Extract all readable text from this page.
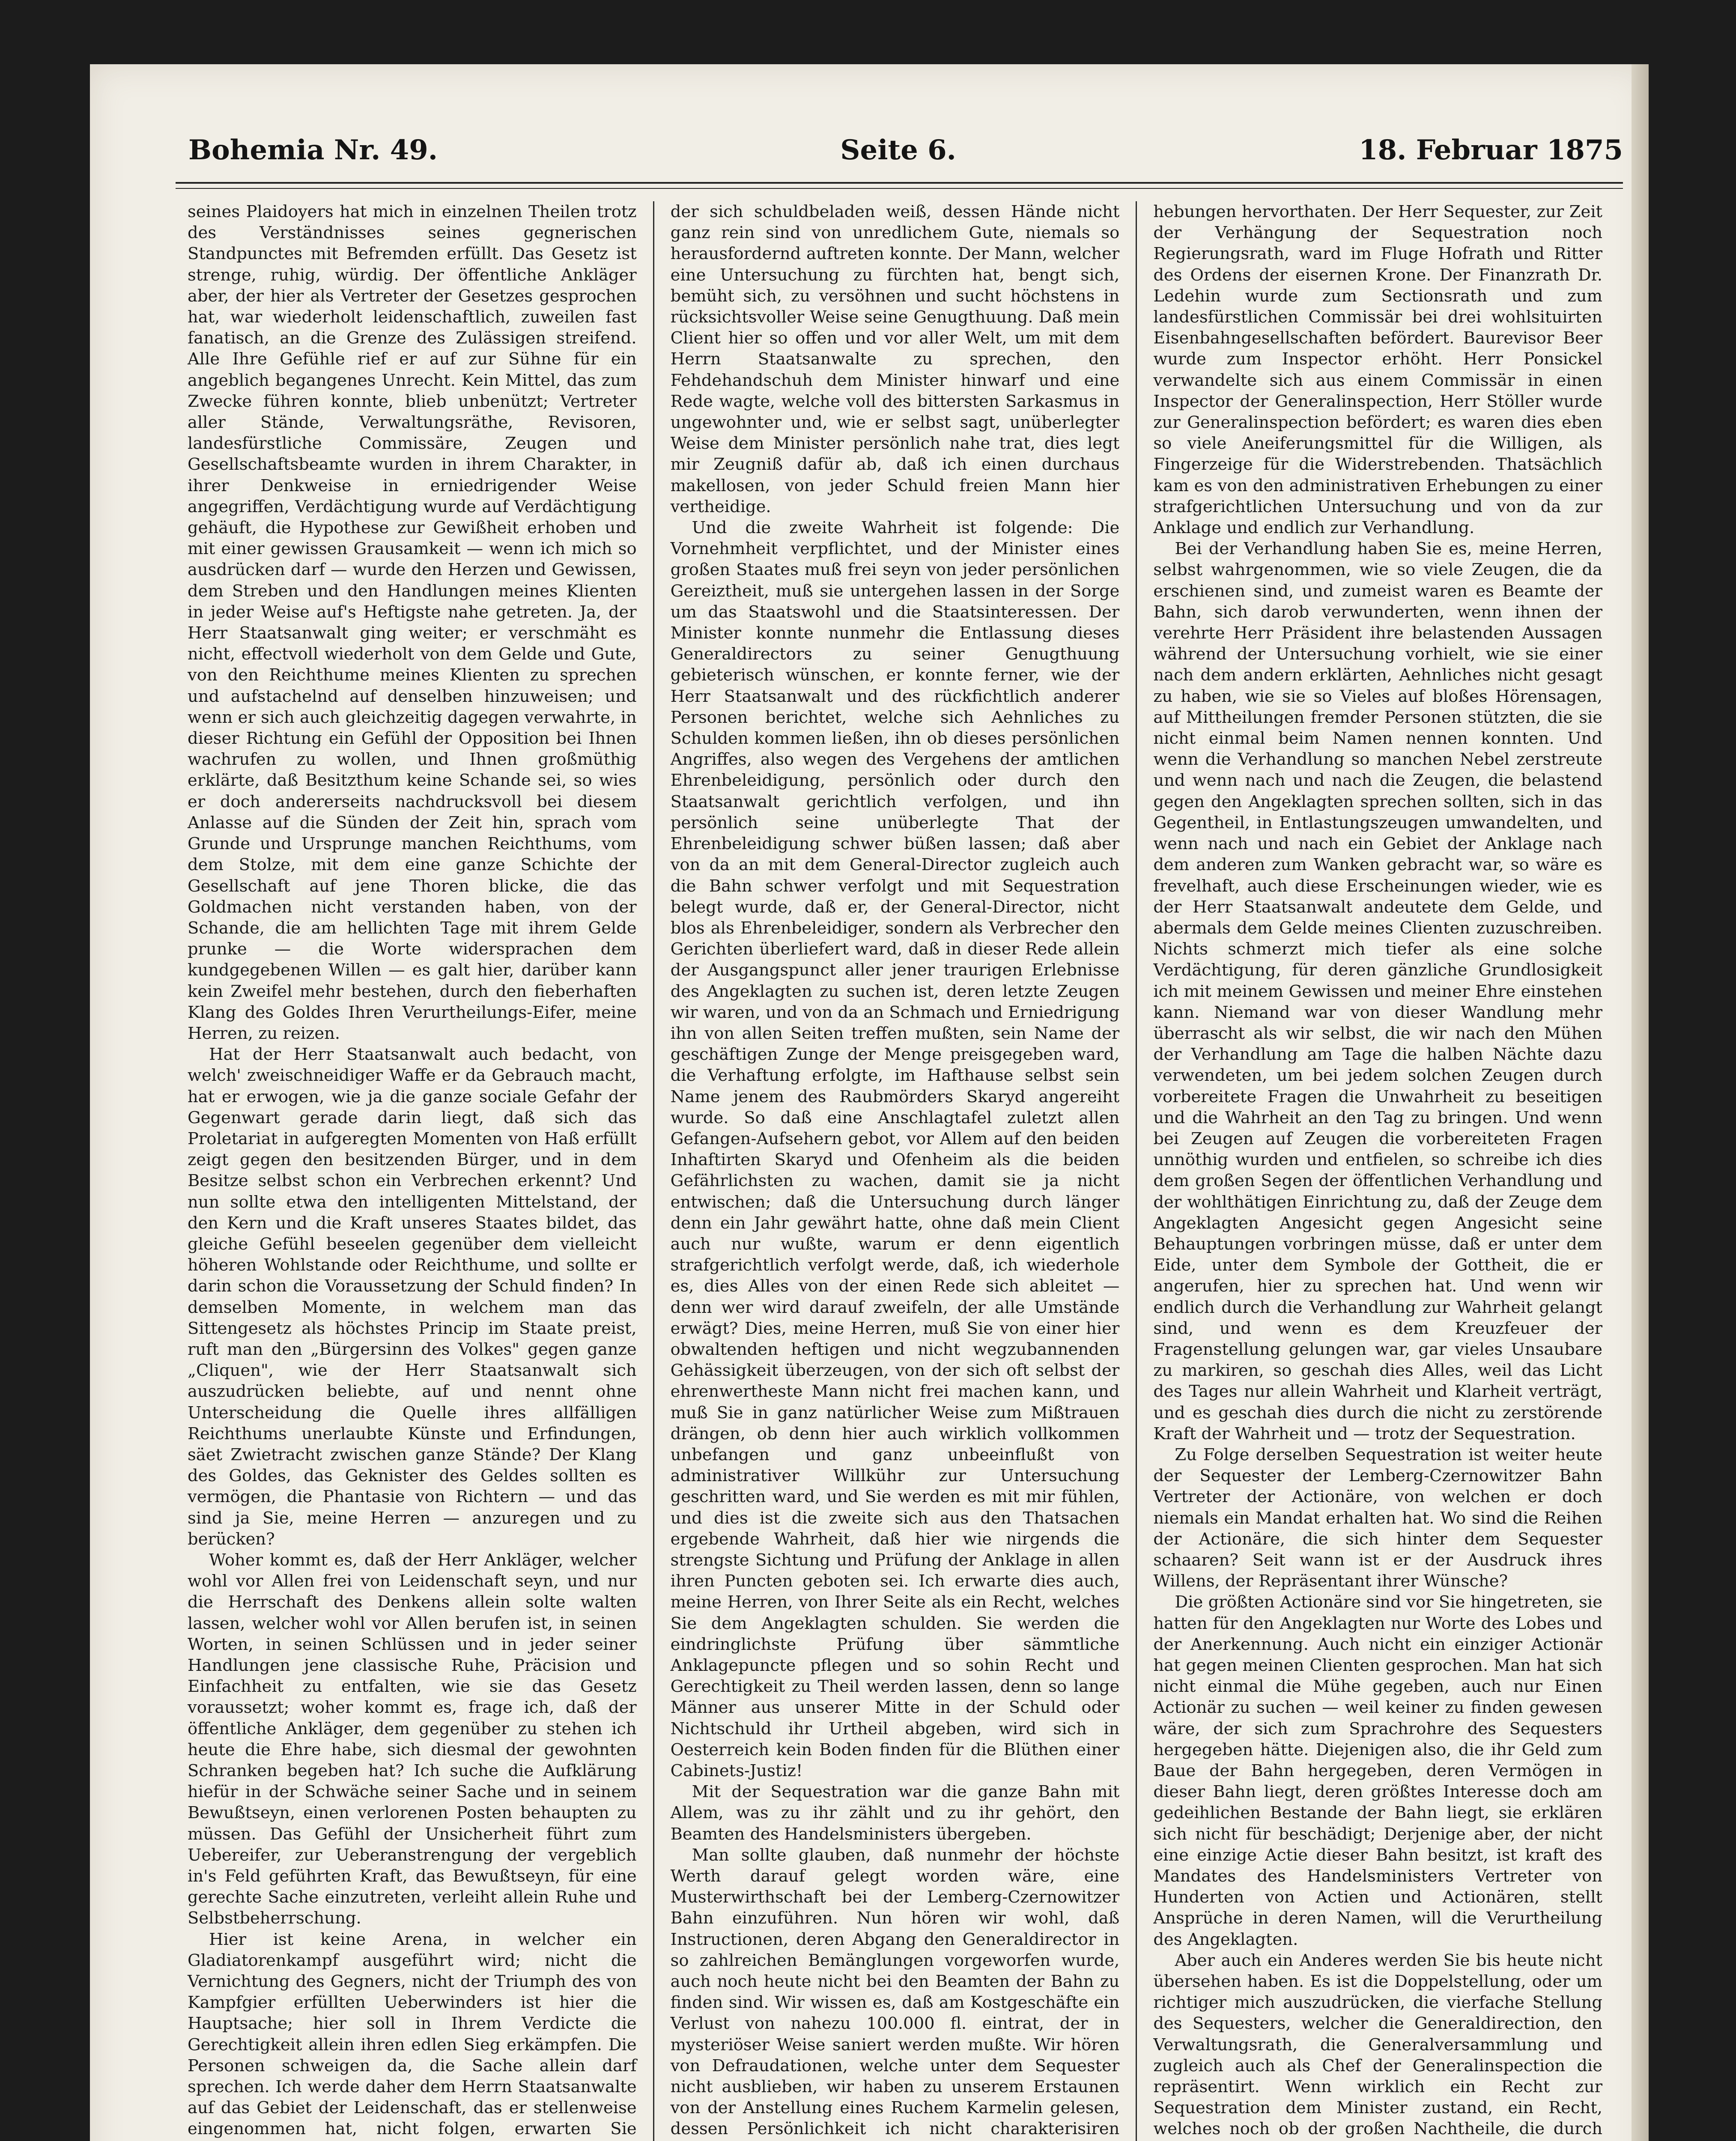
Bohemia Nr. 49.	Seite 6.	18. Februar 1875

seines Plaidoyers hat mich in einzelnen Theilen trotz des Verständnisses seines gegnerischen Standpunctes mit Befremden erfüllt. Das Gesetz ist strenge, ruhig, würdig. Der öffentliche Ankläger aber, der hier als Vertreter der Gesetzes gesprochen hat, war wiederholt leidenschaftlich, zuweilen fast fanatisch, an die Grenze des Zulässigen streifend. Alle Ihre Gefühle rief er auf zur Sühne für ein angeblich begangenes Unrecht. Kein Mittel, das zum Zwecke führen konnte, blieb unbenützt; Vertreter aller Stände, Verwaltungsräthe, Revisoren, landesfürstliche Commissäre, Zeugen und Gesellschaftsbeamte wurden in ihrem Charakter, in ihrer Denkweise in erniedrigender Weise angegriffen, Verdächtigung wurde auf Verdächtigung gehäuft, die Hypothese zur Gewißheit erhoben und mit einer gewissen Grausamkeit — wenn ich mich so ausdrücken darf — wurde den Herzen und Gewissen, dem Streben und den Handlungen meines Klienten in jeder Weise auf's Heftigste nahe getreten. Ja, der Herr Staatsanwalt ging weiter; er verschmäht es nicht, effectvoll wiederholt von dem Gelde und Gute, von den Reichthume meines Klienten zu sprechen und aufstachelnd auf denselben hinzuweisen; und wenn er sich auch gleichzeitig dagegen verwahrte, in dieser Richtung ein Gefühl der Opposition bei Ihnen wachrufen zu wollen, und Ihnen großmüthig erklärte, daß Besitzthum keine Schande sei, so wies er doch andererseits nachdrucksvoll bei diesem Anlasse auf die Sünden der Zeit hin, sprach vom Grunde und Ursprunge manchen Reichthums, vom dem Stolze, mit dem eine ganze Schichte der Gesellschaft auf jene Thoren blicke, die das Goldmachen nicht verstanden haben, von der Schande, die am hellichten Tage mit ihrem Gelde prunke — die Worte widersprachen dem kundgegebenen Willen — es galt hier, darüber kann kein Zweifel mehr bestehen, durch den fieberhaften Klang des Goldes Ihren Verurtheilungs-Eifer, meine Herren, zu reizen.

Hat der Herr Staatsanwalt auch bedacht, von welch' zweischneidiger Waffe er da Gebrauch macht, hat er erwogen, wie ja die ganze sociale Gefahr der Gegenwart gerade darin liegt, daß sich das Proletariat in aufgeregten Momenten von Haß erfüllt zeigt gegen den besitzenden Bürger, und in dem Besitze selbst schon ein Verbrechen erkennt? Und nun sollte etwa den intelligenten Mittelstand, der den Kern und die Kraft unseres Staates bildet, das gleiche Gefühl beseelen gegenüber dem vielleicht höheren Wohlstande oder Reichthume, und sollte er darin schon die Voraussetzung der Schuld finden? In demselben Momente, in welchem man das Sittengesetz als höchstes Princip im Staate preist, ruft man den „Bürgersinn des Volkes" gegen ganze „Cliquen", wie der Herr Staatsanwalt sich auszudrücken beliebte, auf und nennt ohne Unterscheidung die Quelle ihres allfälligen Reichthums unerlaubte Künste und Erfindungen, säet Zwietracht zwischen ganze Stände? Der Klang des Goldes, das Geknister des Geldes sollten es vermögen, die Phantasie von Richtern — und das sind ja Sie, meine Herren — anzuregen und zu berücken?

Woher kommt es, daß der Herr Ankläger, welcher wohl vor Allen frei von Leidenschaft seyn, und nur die Herrschaft des Denkens allein solte walten lassen, welcher wohl vor Allen berufen ist, in seinen Worten, in seinen Schlüssen und in jeder seiner Handlungen jene classische Ruhe, Präcision und Einfachheit zu entfalten, wie sie das Gesetz voraussetzt; woher kommt es, frage ich, daß der öffentliche Ankläger, dem gegenüber zu stehen ich heute die Ehre habe, sich diesmal der gewohnten Schranken begeben hat? Ich suche die Aufklärung hiefür in der Schwäche seiner Sache und in seinem Bewußtseyn, einen verlorenen Posten behaupten zu müssen. Das Gefühl der Unsicherheit führt zum Uebereifer, zur Ueberanstrengung der vergeblich in's Feld geführten Kraft, das Bewußtseyn, für eine gerechte Sache einzutreten, verleiht allein Ruhe und Selbstbeherrschung.

Hier ist keine Arena, in welcher ein Gladiatorenkampf ausgeführt wird; nicht die Vernichtung des Gegners, nicht der Triumph des von Kampfgier erfüllten Ueberwinders ist hier die Hauptsache; hier soll in Ihrem Verdicte die Gerechtigkeit allein ihren edlen Sieg erkämpfen. Die Personen schweigen da, die Sache allein darf sprechen. Ich werde daher dem Herrn Staatsanwalte auf das Gebiet der Leidenschaft, das er stellenweise eingenommen hat, nicht folgen, erwarten Sie

der sich schuldbeladen weiß, dessen Hände nicht ganz rein sind von unredlichem Gute, niemals so herausfordernd auftreten konnte. Der Mann, welcher eine Untersuchung zu fürchten hat, bengt sich, bemüht sich, zu versöhnen und sucht höchstens in rücksichtsvoller Weise seine Genugthuung. Daß mein Client hier so offen und vor aller Welt, um mit dem Herrn Staatsanwalte zu sprechen, den Fehdehandschuh dem Minister hinwarf und eine Rede wagte, welche voll des bittersten Sarkasmus in ungewohnter und, wie er selbst sagt, unüberlegter Weise dem Minister persönlich nahe trat, dies legt mir Zeugniß dafür ab, daß ich einen durchaus makellosen, von jeder Schuld freien Mann hier vertheidige.

Und die zweite Wahrheit ist folgende: Die Vornehmheit verpflichtet, und der Minister eines großen Staates muß frei seyn von jeder persönlichen Gereiztheit, muß sie untergehen lassen in der Sorge um das Staatswohl und die Staatsinteressen. Der Minister konnte nunmehr die Entlassung dieses Generaldirectors zu seiner Genugthuung gebieterisch wünschen, er konnte ferner, wie der Herr Staatsanwalt und des rückfichtlich anderer Personen berichtet, welche sich Aehnliches zu Schulden kommen ließen, ihn ob dieses persönlichen Angriffes, also wegen des Vergehens der amtlichen Ehrenbeleidigung, persönlich oder durch den Staatsanwalt gerichtlich verfolgen, und ihn persönlich seine unüberlegte That der Ehrenbeleidigung schwer büßen lassen; daß aber von da an mit dem General-Director zugleich auch die Bahn schwer verfolgt und mit Sequestration belegt wurde, daß er, der General-Director, nicht blos als Ehrenbeleidiger, sondern als Verbrecher den Gerichten überliefert ward, daß in dieser Rede allein der Ausgangspunct aller jener traurigen Erlebnisse des Angeklagten zu suchen ist, deren letzte Zeugen wir waren, und von da an Schmach und Erniedrigung ihn von allen Seiten treffen mußten, sein Name der geschäftigen Zunge der Menge preisgegeben ward, die Verhaftung erfolgte, im Hafthause selbst sein Name jenem des Raubmörders Skaryd angereiht wurde. So daß eine Anschlagtafel zuletzt allen Gefangen-Aufsehern gebot, vor Allem auf den beiden Inhaftirten Skaryd und Ofenheim als die beiden Gefährlichsten zu wachen, damit sie ja nicht entwischen; daß die Untersuchung durch länger denn ein Jahr gewährt hatte, ohne daß mein Client auch nur wußte, warum er denn eigentlich strafgerichtlich verfolgt werde, daß, ich wiederhole es, dies Alles von der einen Rede sich ableitet — denn wer wird darauf zweifeln, der alle Umstände erwägt? Dies, meine Herren, muß Sie von einer hier obwaltenden heftigen und nicht wegzubannenden Gehässigkeit überzeugen, von der sich oft selbst der ehrenwertheste Mann nicht frei machen kann, und muß Sie in ganz natürlicher Weise zum Mißtrauen drängen, ob denn hier auch wirklich vollkommen unbefangen und ganz unbeeinflußt von administrativer Willkühr zur Untersuchung geschritten ward, und Sie werden es mit mir fühlen, und dies ist die zweite sich aus den Thatsachen ergebende Wahrheit, daß hier wie nirgends die strengste Sichtung und Prüfung der Anklage in allen ihren Puncten geboten sei. Ich erwarte dies auch, meine Herren, von Ihrer Seite als ein Recht, welches Sie dem Angeklagten schulden. Sie werden die eindringlichste Prüfung über sämmtliche Anklagepuncte pflegen und so sohin Recht und Gerechtigkeit zu Theil werden lassen, denn so lange Männer aus unserer Mitte in der Schuld oder Nichtschuld ihr Urtheil abgeben, wird sich in Oesterreich kein Boden finden für die Blüthen einer Cabinets-Justiz!

Mit der Sequestration war die ganze Bahn mit Allem, was zu ihr zählt und zu ihr gehört, den Beamten des Handelsministers übergeben.

Man sollte glauben, daß nunmehr der höchste Werth darauf gelegt worden wäre, eine Musterwirthschaft bei der Lemberg-Czernowitzer Bahn einzuführen. Nun hören wir wohl, daß Instructionen, deren Abgang den Generaldirector in so zahlreichen Bemänglungen vorgeworfen wurde, auch noch heute nicht bei den Beamten der Bahn zu finden sind. Wir wissen es, daß am Kostgeschäfte ein Verlust von nahezu 100.000 fl. eintrat, der in mysteriöser Weise saniert werden mußte. Wir hören von Defraudationen, welche unter dem Sequester nicht ausblieben, wir haben zu unserem Erstaunen von der Anstellung eines Ruchem Karmelin gelesen, dessen Persönlichkeit ich nicht charakterisiren

hebungen hervorthaten. Der Herr Sequester, zur Zeit der Verhängung der Sequestration noch Regierungsrath, ward im Fluge Hofrath und Ritter des Ordens der eisernen Krone. Der Finanzrath Dr. Ledehin wurde zum Sectionsrath und zum landesfürstlichen Commissär bei drei wohlsituirten Eisenbahngesellschaften befördert. Baurevisor Beer wurde zum Inspector erhöht. Herr Ponsickel verwandelte sich aus einem Commissär in einen Inspector der Generalinspection, Herr Stöller wurde zur Generalinspection befördert; es waren dies eben so viele Aneiferungsmittel für die Willigen, als Fingerzeige für die Widerstrebenden. Thatsächlich kam es von den administrativen Erhebungen zu einer strafgerichtlichen Untersuchung und von da zur Anklage und endlich zur Verhandlung.

Bei der Verhandlung haben Sie es, meine Herren, selbst wahrgenommen, wie so viele Zeugen, die da erschienen sind, und zumeist waren es Beamte der Bahn, sich darob verwunderten, wenn ihnen der verehrte Herr Präsident ihre belastenden Aussagen während der Untersuchung vorhielt, wie sie einer nach dem andern erklärten, Aehnliches nicht gesagt zu haben, wie sie so Vieles auf bloßes Hörensagen, auf Mittheilungen fremder Personen stützten, die sie nicht einmal beim Namen nennen konnten. Und wenn die Verhandlung so manchen Nebel zerstreute und wenn nach und nach die Zeugen, die belastend gegen den Angeklagten sprechen sollten, sich in das Gegentheil, in Entlastungszeugen umwandelten, und wenn nach und nach ein Gebiet der Anklage nach dem anderen zum Wanken gebracht war, so wäre es frevelhaft, auch diese Erscheinungen wieder, wie es der Herr Staatsanwalt andeutete dem Gelde, und abermals dem Gelde meines Clienten zuzuschreiben. Nichts schmerzt mich tiefer als eine solche Verdächtigung, für deren gänzliche Grundlosigkeit ich mit meinem Gewissen und meiner Ehre einstehen kann. Niemand war von dieser Wandlung mehr überrascht als wir selbst, die wir nach den Mühen der Verhandlung am Tage die halben Nächte dazu verwendeten, um bei jedem solchen Zeugen durch vorbereitete Fragen die Unwahrheit zu beseitigen und die Wahrheit an den Tag zu bringen. Und wenn bei Zeugen auf Zeugen die vorbereiteten Fragen unnöthig wurden und entfielen, so schreibe ich dies dem großen Segen der öffentlichen Verhandlung und der wohlthätigen Einrichtung zu, daß der Zeuge dem Angeklagten Angesicht gegen Angesicht seine Behauptungen vorbringen müsse, daß er unter dem Eide, unter dem Symbole der Gottheit, die er angerufen, hier zu sprechen hat. Und wenn wir endlich durch die Verhandlung zur Wahrheit gelangt sind, und wenn es dem Kreuzfeuer der Fragenstellung gelungen war, gar vieles Unsaubare zu markiren, so geschah dies Alles, weil das Licht des Tages nur allein Wahrheit und Klarheit verträgt, und es geschah dies durch die nicht zu zerstörende Kraft der Wahrheit und — trotz der Sequestration.

Zu Folge derselben Sequestration ist weiter heute der Sequester der Lemberg-Czernowitzer Bahn Vertreter der Actionäre, von welchen er doch niemals ein Mandat erhalten hat. Wo sind die Reihen der Actionäre, die sich hinter dem Sequester schaaren? Seit wann ist er der Ausdruck ihres Willens, der Repräsentant ihrer Wünsche?

Die größten Actionäre sind vor Sie hingetreten, sie hatten für den Angeklagten nur Worte des Lobes und der Anerkennung. Auch nicht ein einziger Actionär hat gegen meinen Clienten gesprochen. Man hat sich nicht einmal die Mühe gegeben, auch nur Einen Actionär zu suchen — weil keiner zu finden gewesen wäre, der sich zum Sprachrohre des Sequesters hergegeben hätte. Diejenigen also, die ihr Geld zum Baue der Bahn hergegeben, deren Vermögen in dieser Bahn liegt, deren größtes Interesse doch am gedeihlichen Bestande der Bahn liegt, sie erklären sich nicht für beschädigt; Derjenige aber, der nicht eine einzige Actie dieser Bahn besitzt, ist kraft des Mandates des Handelsministers Vertreter von Hunderten von Actien und Actionären, stellt Ansprüche in deren Namen, will die Verurtheilung des Angeklagten.

Aber auch ein Anderes werden Sie bis heute nicht übersehen haben. Es ist die Doppelstellung, oder um richtiger mich auszudrücken, die vierfache Stellung des Sequesters, welcher die Generaldirection, den Verwaltungsrath, die Generalversammlung und zugleich auch als Chef der Generalinspection die repräsentirt. Wenn wirklich ein Recht zur Sequestration dem Minister zustand, ein Recht, welches noch ob der großen Nachtheile, die durch
